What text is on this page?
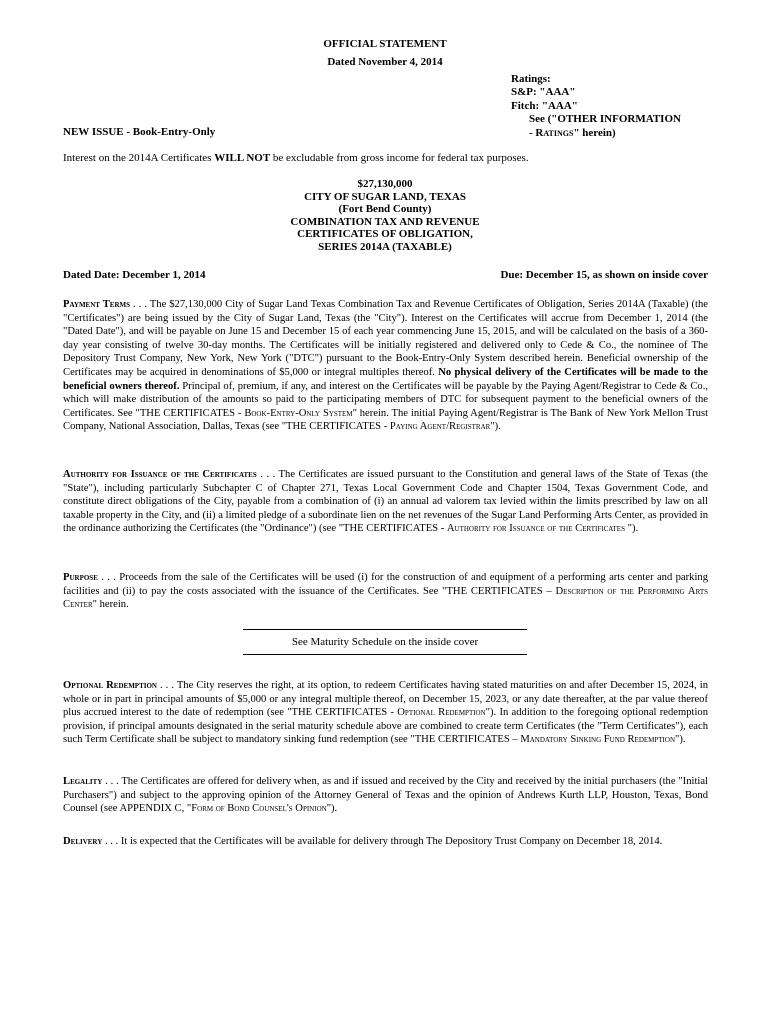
OFFICIAL STATEMENT
Dated November 4, 2014
Ratings:
S&P: "AAA"
Fitch: "AAA"
See ("OTHER INFORMATION
- Ratings" herein)
NEW ISSUE - Book-Entry-Only
Interest on the 2014A Certificates WILL NOT be excludable from gross income for federal tax purposes.
$27,130,000
CITY OF SUGAR LAND, TEXAS
(Fort Bend County)
COMBINATION TAX AND REVENUE
CERTIFICATES OF OBLIGATION,
SERIES 2014A (TAXABLE)
Dated Date: December 1, 2014	Due: December 15, as shown on inside cover
Payment Terms . . . The $27,130,000 City of Sugar Land Texas Combination Tax and Revenue Certificates of Obligation, Series 2014A (Taxable) (the "Certificates") are being issued by the City of Sugar Land, Texas (the "City"). Interest on the Certificates will accrue from December 1, 2014 (the "Dated Date"), and will be payable on June 15 and December 15 of each year commencing June 15, 2015, and will be calculated on the basis of a 360-day year consisting of twelve 30-day months. The Certificates will be initially registered and delivered only to Cede & Co., the nominee of The Depository Trust Company, New York, New York ("DTC") pursuant to the Book-Entry-Only System described herein. Beneficial ownership of the Certificates may be acquired in denominations of $5,000 or integral multiples thereof. No physical delivery of the Certificates will be made to the beneficial owners thereof. Principal of, premium, if any, and interest on the Certificates will be payable by the Paying Agent/Registrar to Cede & Co., which will make distribution of the amounts so paid to the participating members of DTC for subsequent payment to the beneficial owners of the Certificates. See "THE CERTIFICATES - Book-Entry-Only System" herein. The initial Paying Agent/Registrar is The Bank of New York Mellon Trust Company, National Association, Dallas, Texas (see "THE CERTIFICATES - Paying Agent/Registrar").
Authority for Issuance of the Certificates . . . The Certificates are issued pursuant to the Constitution and general laws of the State of Texas (the "State"), including particularly Subchapter C of Chapter 271, Texas Local Government Code and Chapter 1504, Texas Government Code, and constitute direct obligations of the City, payable from a combination of (i) an annual ad valorem tax levied within the limits prescribed by law on all taxable property in the City, and (ii) a limited pledge of a subordinate lien on the net revenues of the Sugar Land Performing Arts Center, as provided in the ordinance authorizing the Certificates (the "Ordinance") (see "THE CERTIFICATES - Authority for Issuance of the Certificates ").
Purpose . . . Proceeds from the sale of the Certificates will be used (i) for the construction of and equipment of a performing arts center and parking facilities and (ii) to pay the costs associated with the issuance of the Certificates. See "THE CERTIFICATES – Description of the Performing Arts Center" herein.
See Maturity Schedule on the inside cover
Optional Redemption . . . The City reserves the right, at its option, to redeem Certificates having stated maturities on and after December 15, 2024, in whole or in part in principal amounts of $5,000 or any integral multiple thereof, on December 15, 2023, or any date thereafter, at the par value thereof plus accrued interest to the date of redemption (see "THE CERTIFICATES - Optional Redemption"). In addition to the foregoing optional redemption provision, if principal amounts designated in the serial maturity schedule above are combined to create term Certificates (the "Term Certificates"), each such Term Certificate shall be subject to mandatory sinking fund redemption (see "THE CERTIFICATES – Mandatory Sinking Fund Redemption").
Legality . . . The Certificates are offered for delivery when, as and if issued and received by the City and received by the initial purchasers (the "Initial Purchasers") and subject to the approving opinion of the Attorney General of Texas and the opinion of Andrews Kurth LLP, Houston, Texas, Bond Counsel (see APPENDIX C, "Form of Bond Counsel's Opinion").
Delivery . . . It is expected that the Certificates will be available for delivery through The Depository Trust Company on December 18, 2014.
